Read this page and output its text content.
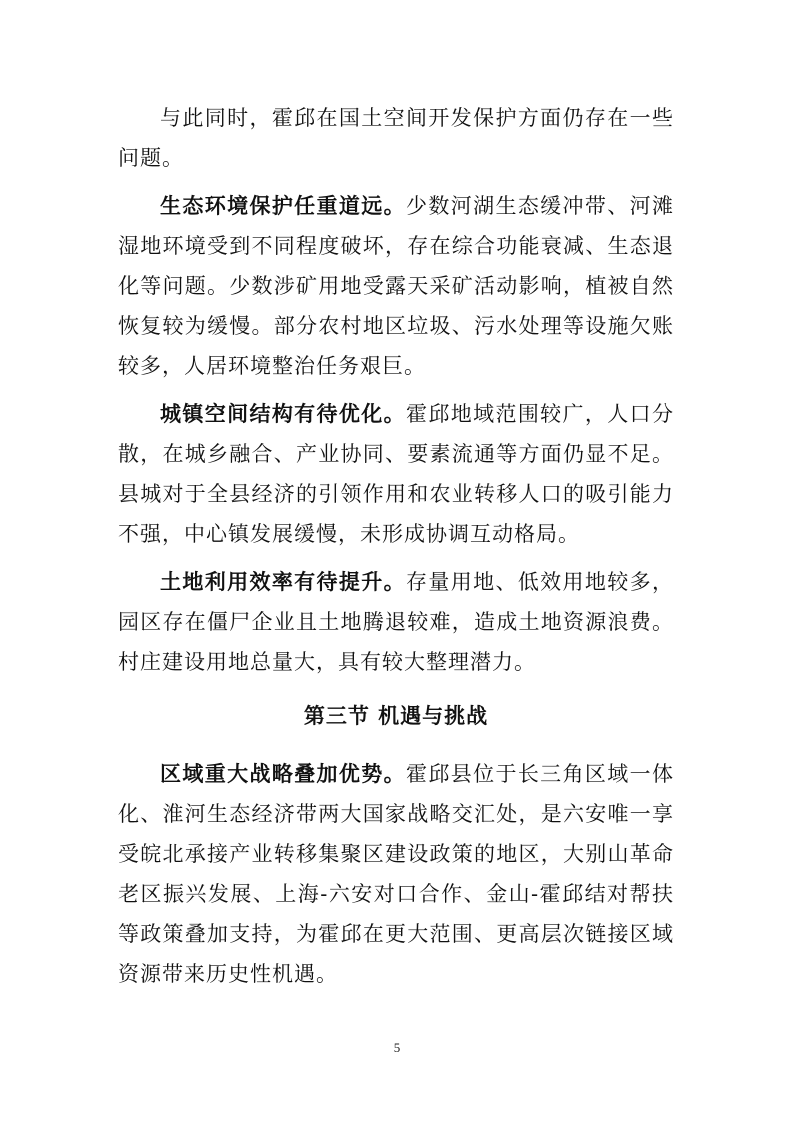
与此同时，霍邱在国土空间开发保护方面仍存在一些问题。

生态环境保护任重道远。少数河湖生态缓冲带、河滩湿地环境受到不同程度破坏，存在综合功能衰减、生态退化等问题。少数涉矿用地受露天采矿活动影响，植被自然恢复较为缓慢。部分农村地区垃圾、污水处理等设施欠账较多，人居环境整治任务艰巨。

城镇空间结构有待优化。霍邱地域范围较广，人口分散，在城乡融合、产业协同、要素流通等方面仍显不足。县城对于全县经济的引领作用和农业转移人口的吸引能力不强，中心镇发展缓慢，未形成协调互动格局。

土地利用效率有待提升。存量用地、低效用地较多，园区存在僵尸企业且土地腾退较难，造成土地资源浪费。村庄建设用地总量大，具有较大整理潜力。

第三节 机遇与挑战

区域重大战略叠加优势。霍邱县位于长三角区域一体化、淮河生态经济带两大国家战略交汇处，是六安唯一享受皖北承接产业转移集聚区建设政策的地区，大别山革命老区振兴发展、上海-六安对口合作、金山-霍邱结对帮扶等政策叠加支持，为霍邱在更大范围、更高层次链接区域资源带来历史性机遇。

5
